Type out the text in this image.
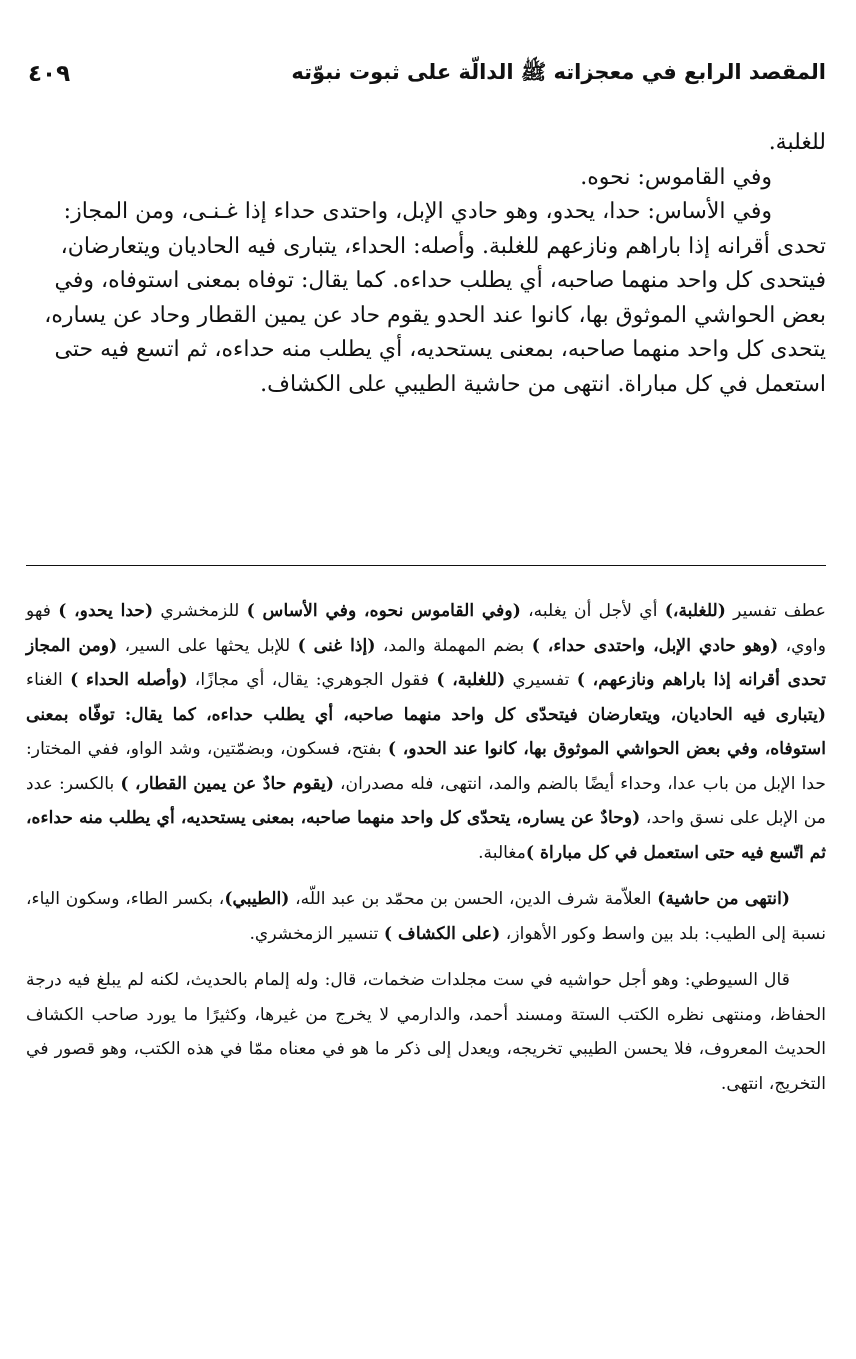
المقصد الرابع في معجزاته ﷺ الدالّة على ثبوت نبوّته
٤٠٩

للغلبة.

وفي القاموس: نحوه.

وفي الأساس: حدا، يحدو، وهو حادي الإبل، واحتدى حداء إذا غـنـى، ومن المجاز: تحدى أقرانه إذا باراهم ونازعهم للغلبة. وأصله: الحداء، يتبارى فيه الحاديان ويتعارضان، فيتحدى كل واحد منهما صاحبه، أي يطلب حداءه. كما يقال: توفاه بمعنى استوفاه، وفي بعض الحواشي الموثوق بها، كانوا عند الحدو يقوم حاد عن يمين القطار وحاد عن يساره، يتحدى كل واحد منهما صاحبه، بمعنى يستحديه، أي يطلب منه حداءه، ثم اتسع فيه حتى استعمل في كل مباراة. انتهى من حاشية الطيبي على الكشاف.

عطف تفسير (للغلبة،) أي لأجل أن يغلبه، (وفي القاموس نحوه، وفي الأساس ) للزمخشري (حدا يحدو، ) فهو واوي، (وهو حادي الإبل، واحتدى حداء، ) بضم المهملة والمد، (إذا غنى ) للإبل يحثها على السير، (ومن المجاز تحدى أقرانه إذا باراهم ونازعهم، ) تفسيري (للغلبة، ) فقول الجوهري: يقال، أي مجازًا، (وأصله الحداء ) الغناء (يتبارى فيه الحاديان، ويتعارضان فيتحدّى كل واحد منهما صاحبه، أي يطلب حداءه، كما يقال: توفّاه بمعنى استوفاه، وفي بعض الحواشي الموثوق بها، كانوا عند الحدو، ) بفتح، فسكون، وبضمّتين، وشد الواو، ففي المختار: حدا الإبل من باب عدا، وحداء أيضًا بالضم والمد، انتهى، فله مصدران، (يقوم حادٌ عن يمين القطار، ) بالكسر: عدد من الإبل على نسق واحد، (وحادٌ عن يساره، يتحدّى كل واحد منهما صاحبه، بمعنى يستحديه، أي يطلب منه حداءه، ثم اتّسع فيه حتى استعمل في كل مباراة )مغالبة.

(انتهى من حاشية) العلاّمة شرف الدين، الحسن بن محمّد بن عبد اللّه، (الطيبي)، بكسر الطاء، وسكون الياء، نسبة إلى الطيب: بلد بين واسط وكور الأهواز، (على الكشاف ) تنسير الزمخشري.

قال السيوطي: وهو أجل حواشيه في ست مجلدات ضخمات، قال: وله إلمام بالحديث، لكنه لم يبلغ فيه درجة الحفاظ، ومنتهى نظره الكتب الستة ومسند أحمد، والدارمي لا يخرج من غيرها، وكثيرًا ما يورد صاحب الكشاف الحديث المعروف، فلا يحسن الطيبي تخريجه، ويعدل إلى ذكر ما هو في معناه ممّا في هذه الكتب، وهو قصور في التخريج، انتهى.
